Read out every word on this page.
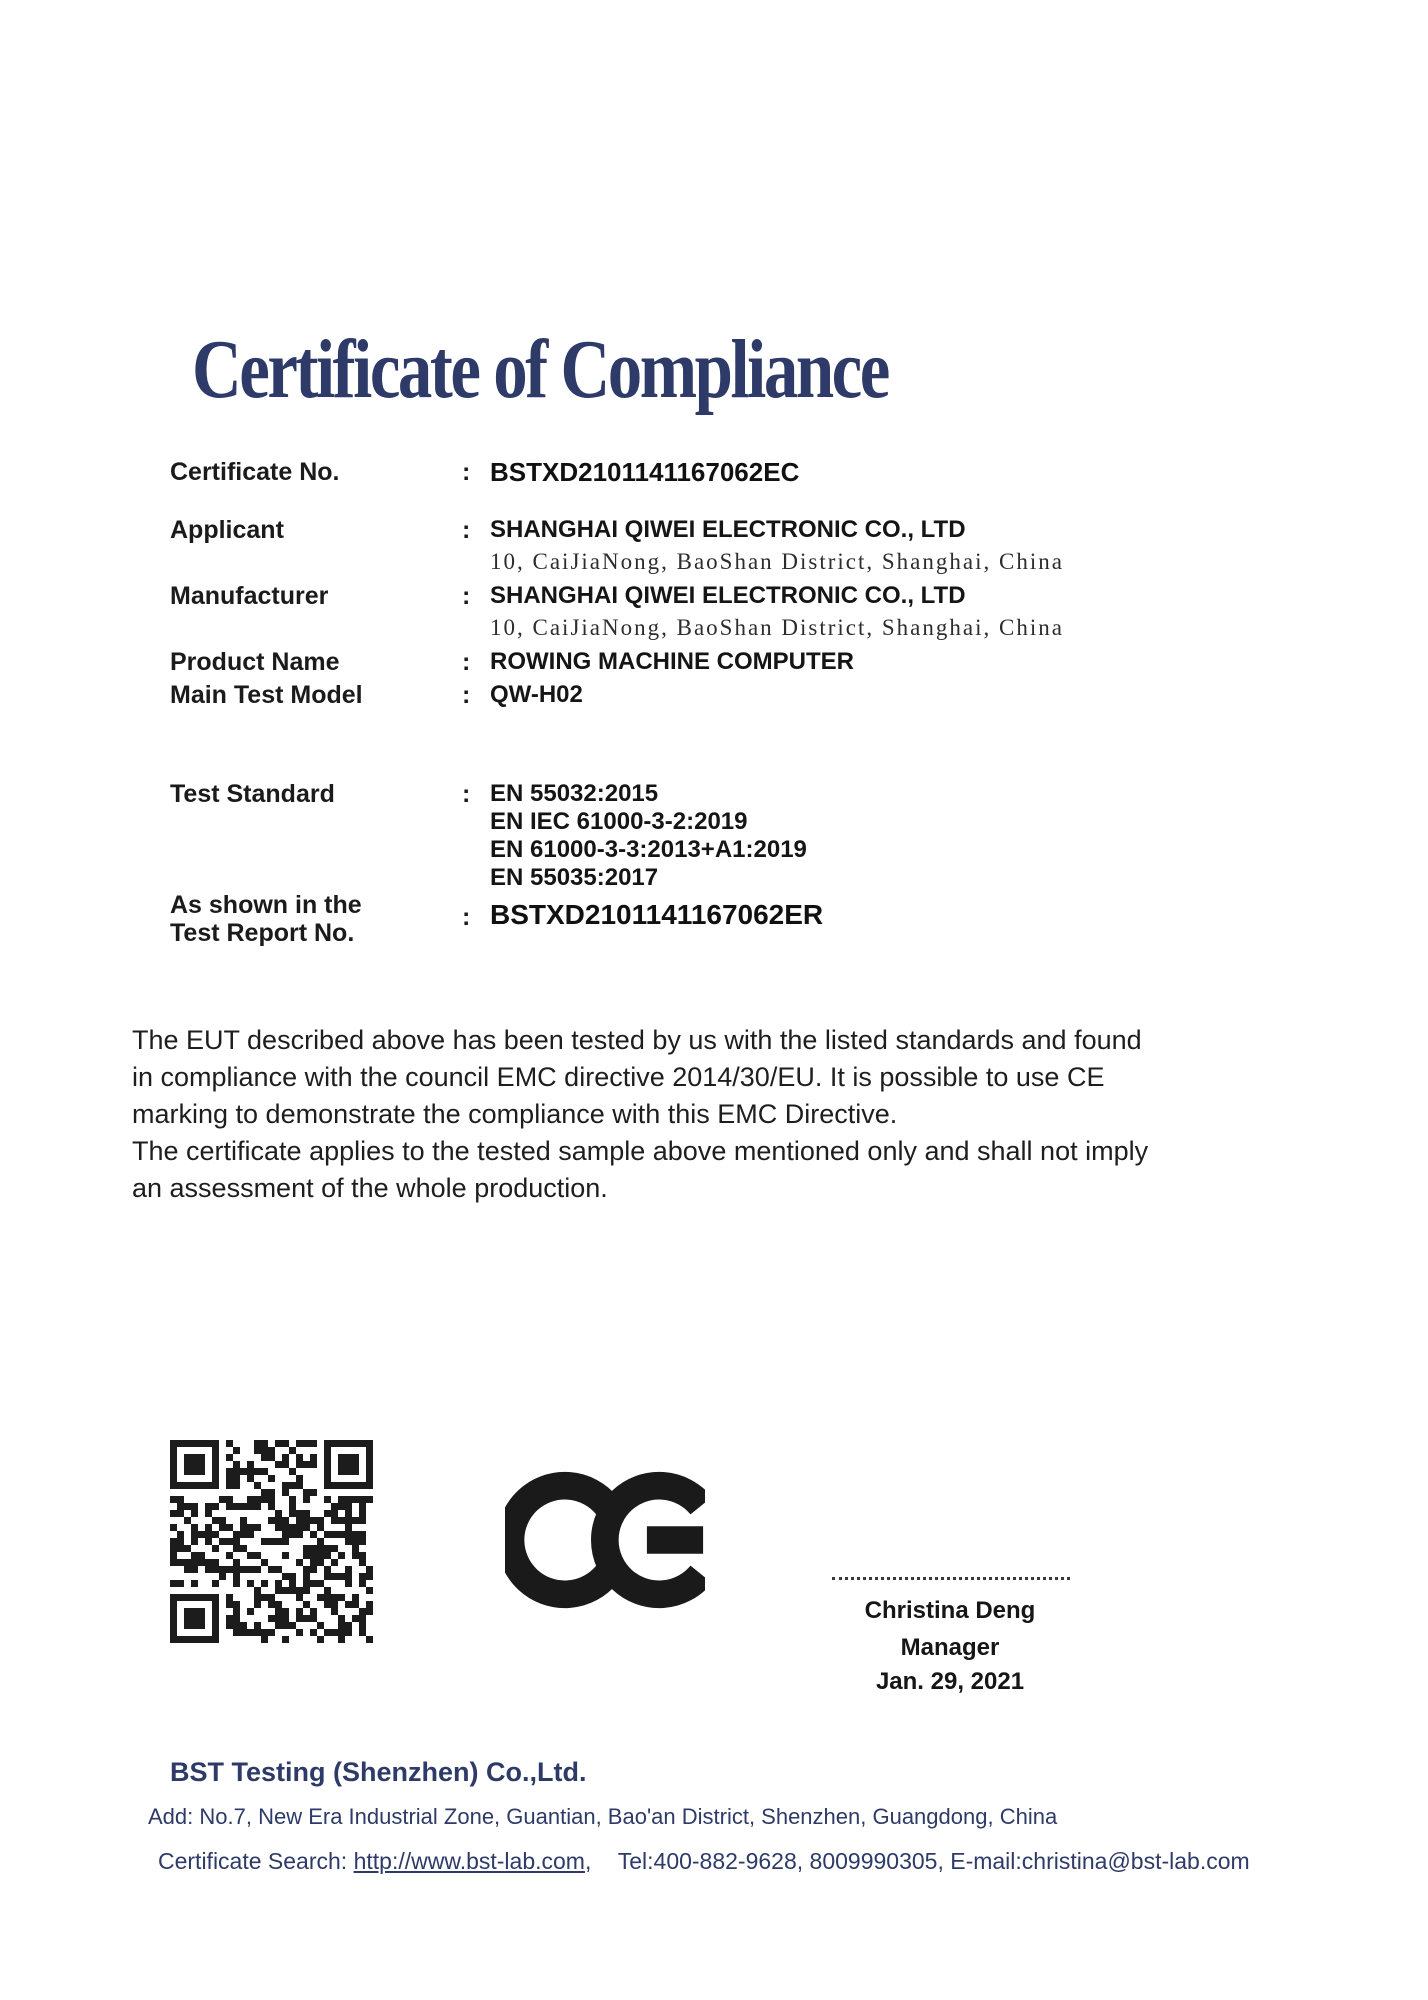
Certificate of Compliance
Certificate No.	: BSTXD2101141167062EC
Applicant	: SHANGHAI QIWEI ELECTRONIC CO., LTD
10, CaiJiaNong, BaoShan District, Shanghai, China
Manufacturer	: SHANGHAI QIWEI ELECTRONIC CO., LTD
10, CaiJiaNong, BaoShan District, Shanghai, China
Product Name	: ROWING MACHINE COMPUTER
Main Test Model	: QW-H02
Test Standard	: EN 55032:2015
EN IEC 61000-3-2:2019
EN 61000-3-3:2013+A1:2019
EN 55035:2017
As shown in the
Test Report No.
: BSTXD2101141167062ER
The EUT described above has been tested by us with the listed standards and found
in compliance with the council EMC directive 2014/30/EU. It is possible to use CE
marking to demonstrate the compliance with this EMC Directive.
The certificate applies to the tested sample above mentioned only and shall not imply
an assessment of the whole production.
Christina Deng
Manager
Jan. 29, 2021
BST Testing (Shenzhen) Co.,Ltd.
Add: No.7, New Era Industrial Zone, Guantian, Bao'an District, Shenzhen, Guangdong, China
Certificate Search: http://www.bst-lab.com, Tel:400-882-9628, 8009990305, E-mail:christina@bst-lab.com
